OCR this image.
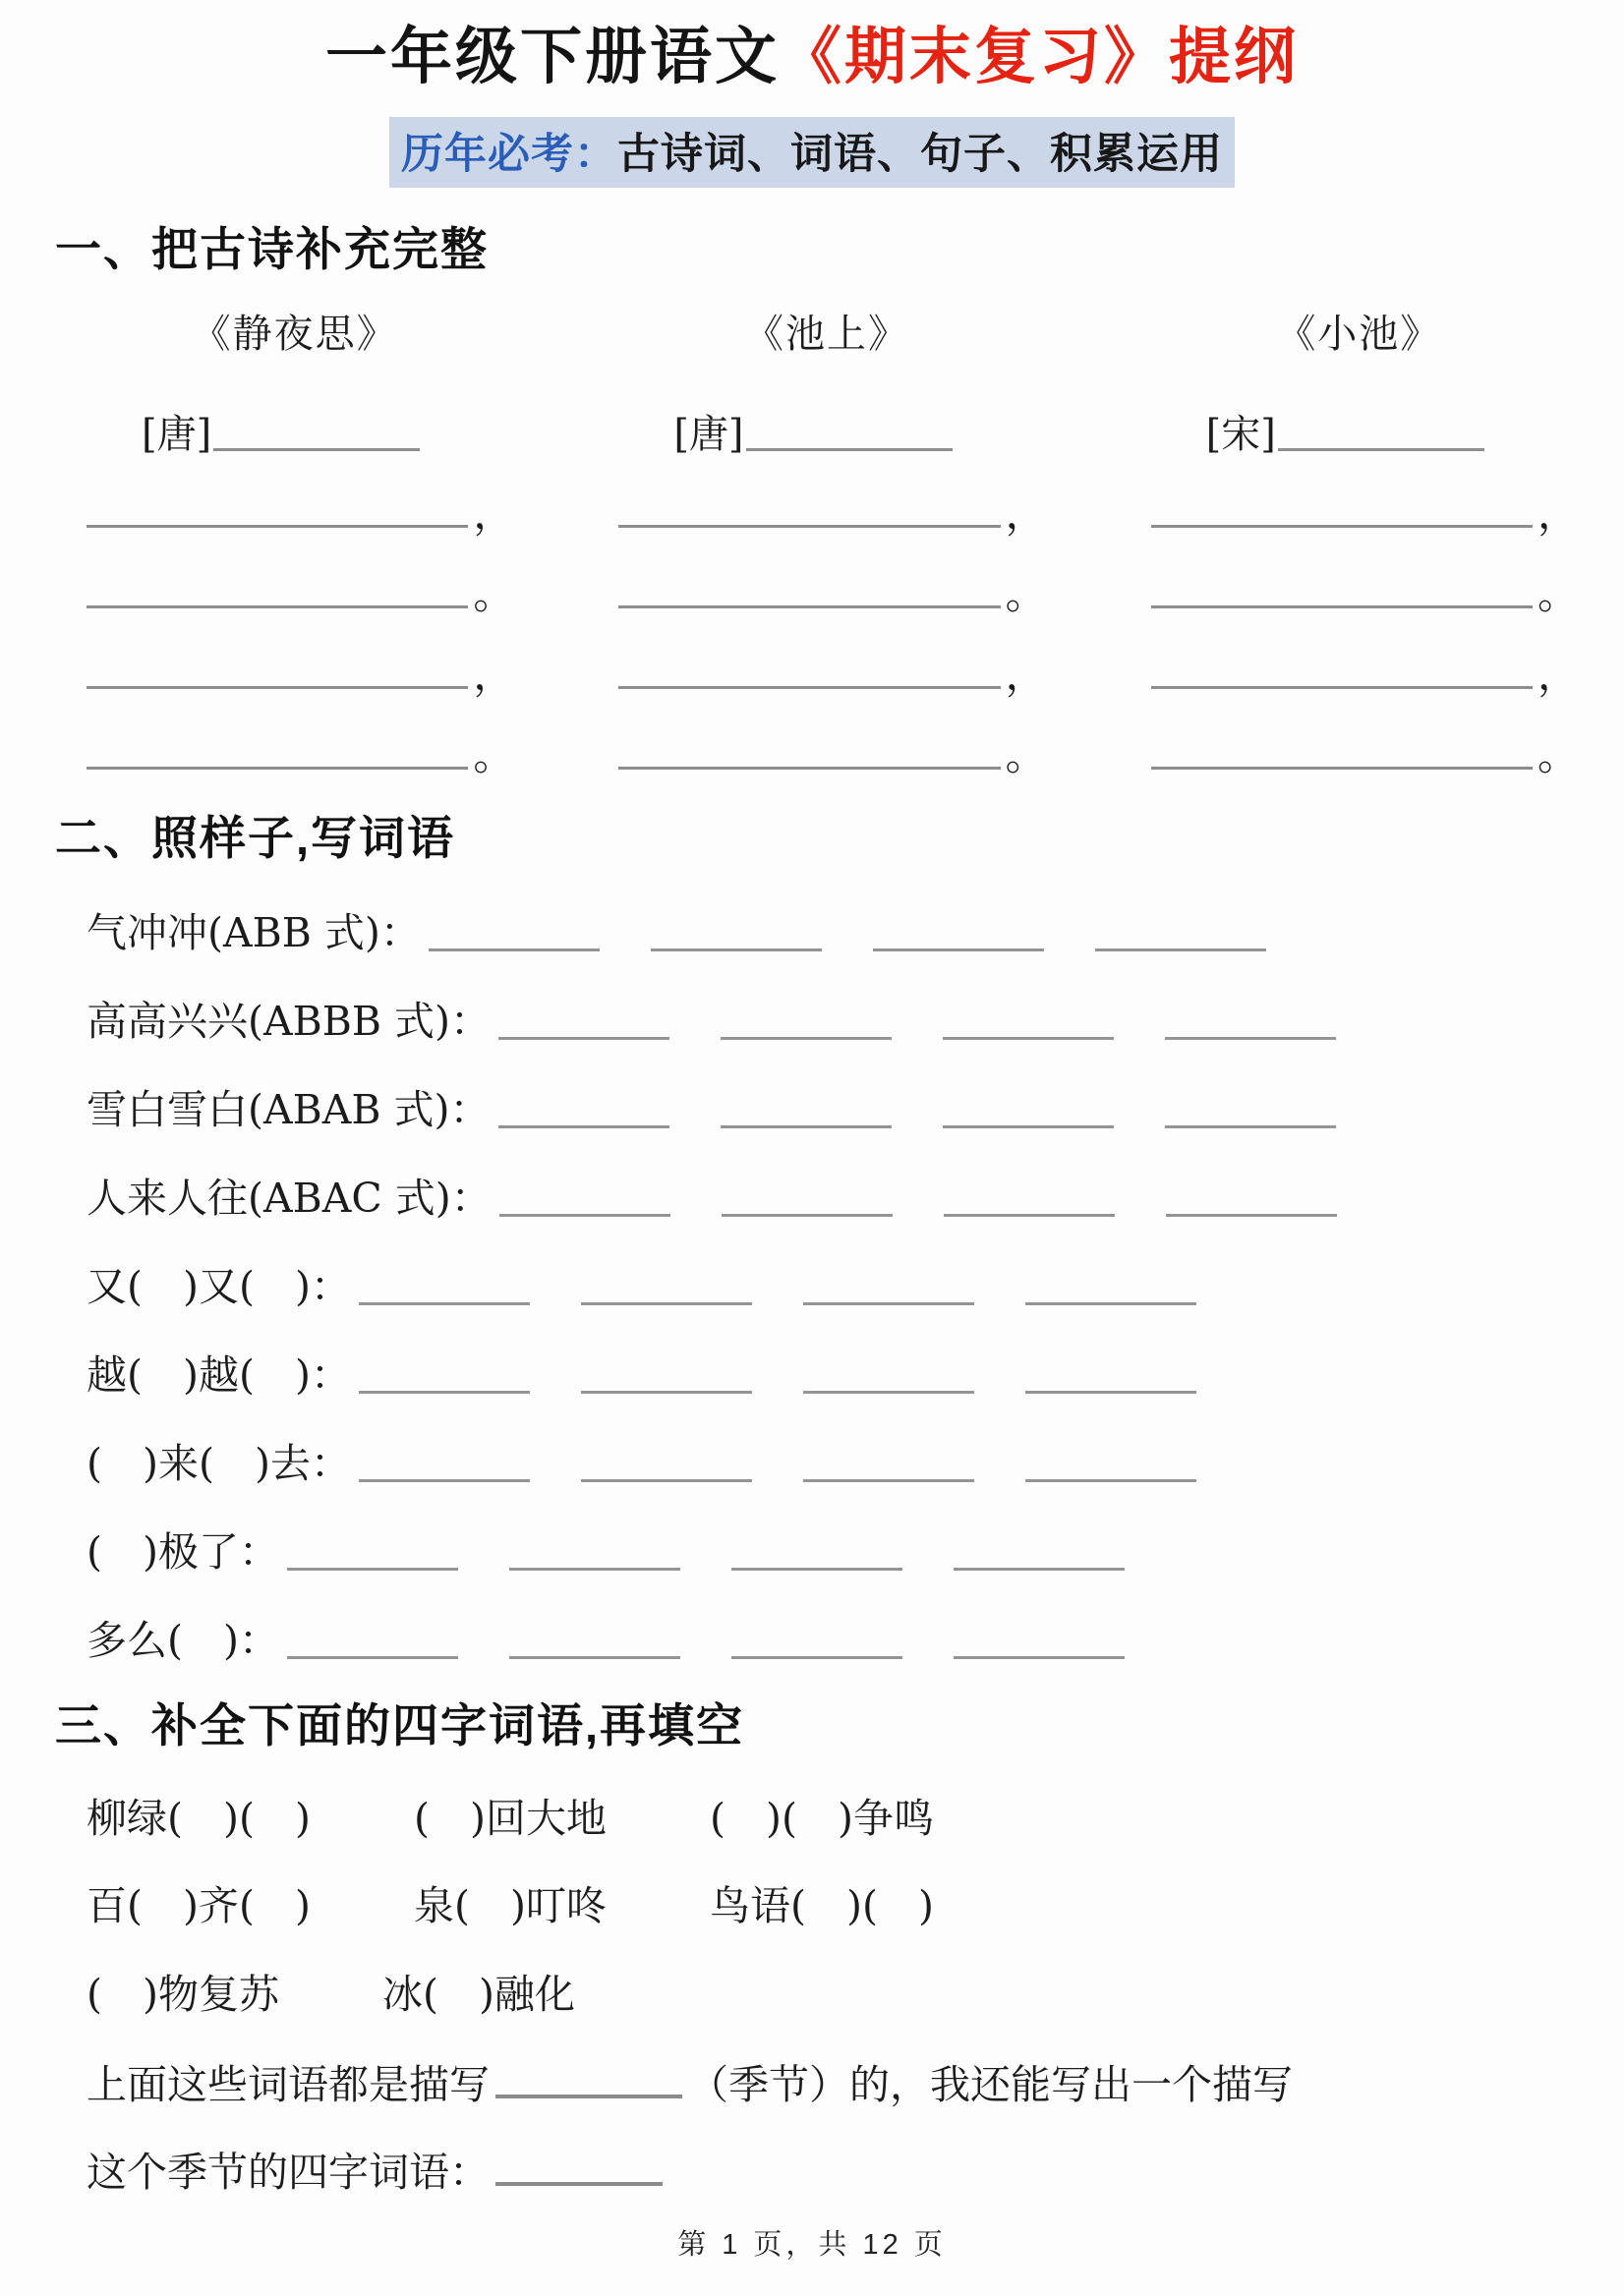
一年级下册语文《期末复习》提纲
历年必考：古诗词、词语、句子、积累运用
一、把古诗补充完整
《静夜思》
[唐]
，
。
，
。
《池上》
[唐]
，
。
，
。
《小池》
[宋]
，
。
，
。
二、照样子,写词语
气冲冲(ABB 式)：
高高兴兴(ABBB 式)：
雪白雪白(ABAB 式)：
人来人往(ABAC 式)：
又(　)又(　)：
越(　)越(　)：
(　)来(　)去：
(　)极了：
多么(　)：
三、补全下面的四字词语,再填空
柳绿(　)(　)	(　)回大地	(　)(　)争鸣
百(　)齐(　)	泉(　)叮咚	鸟语(　)(　)
(　)物复苏	冰(　)融化
上面这些词语都是描写	（季节）的，我还能写出一个描写
这个季节的四字词语：
第 1 页，共 12 页
